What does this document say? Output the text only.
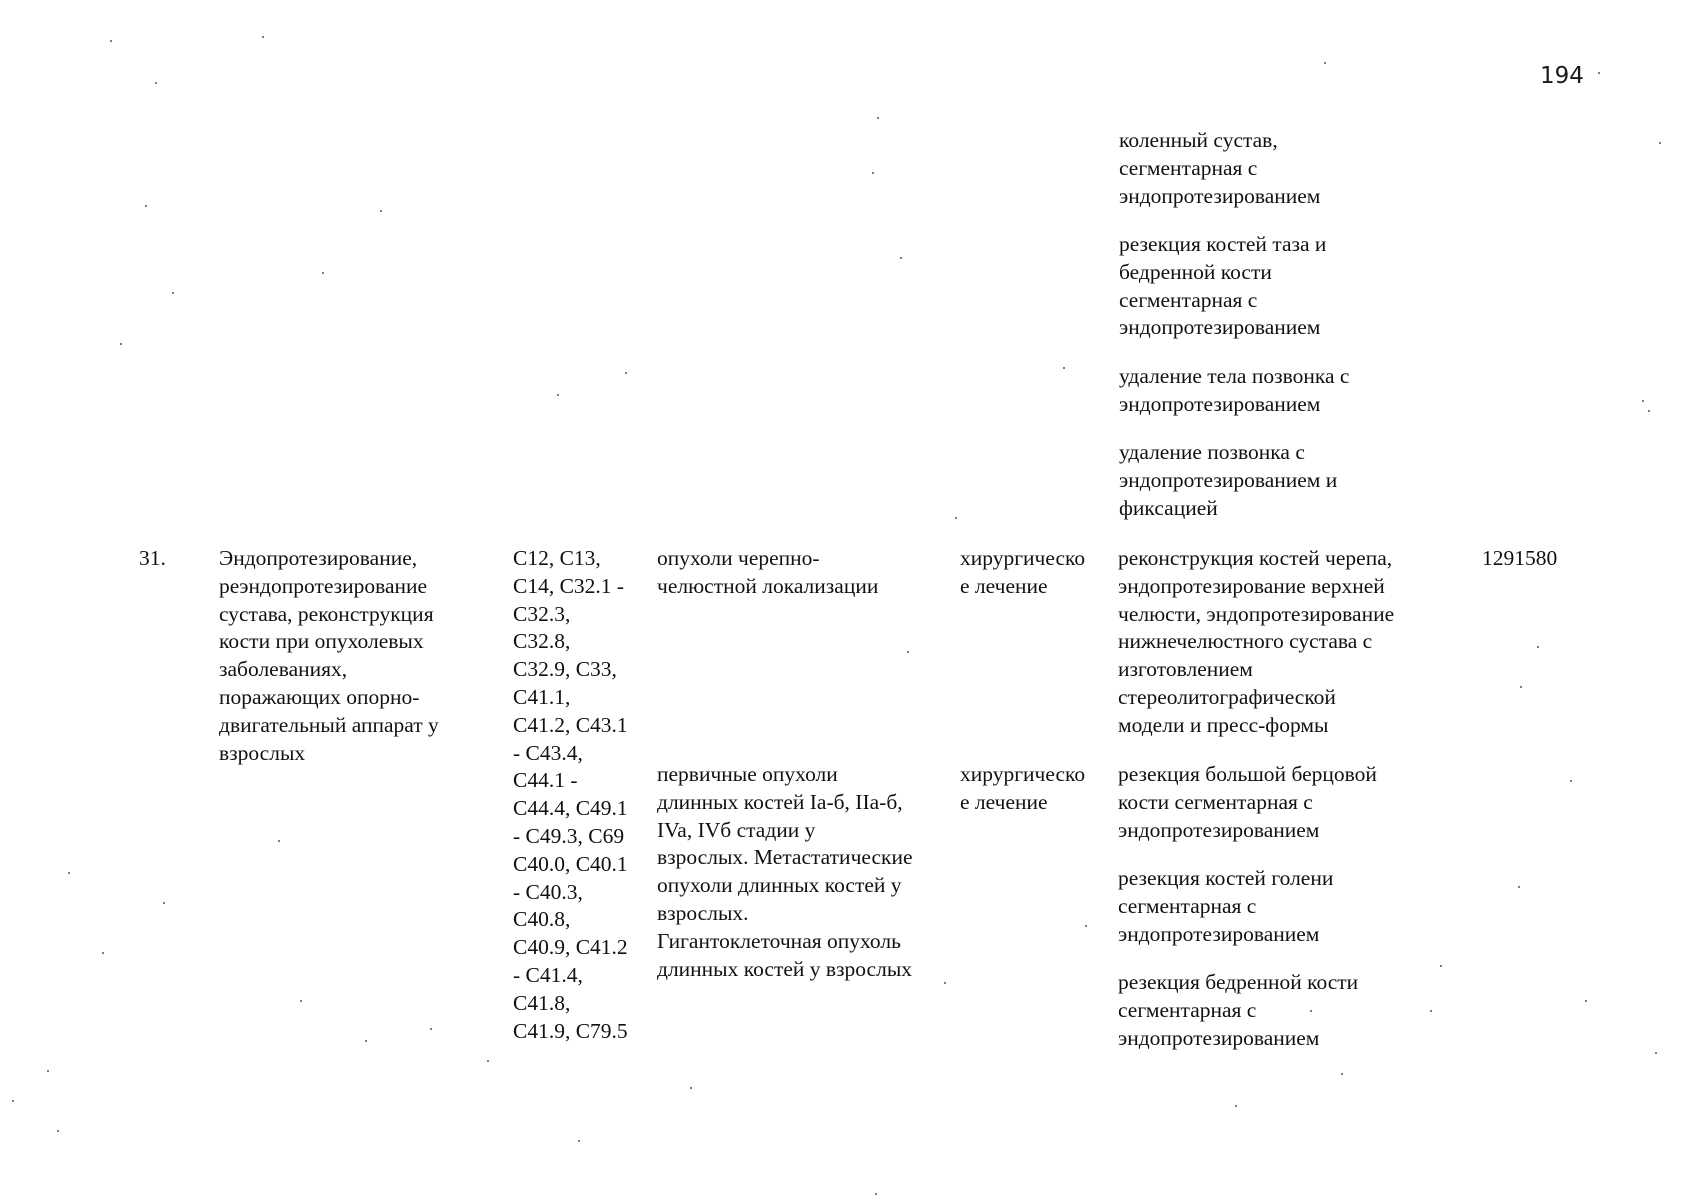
194
коленный сустав,
сегментарная с
эндопротезированием
резекция костей таза и
бедренной кости
сегментарная с
эндопротезированием
удаление тела позвонка с
эндопротезированием
удаление позвонка с
эндопротезированием и
фиксацией
31. Эндопротезирование,
реэндопротезирование
сустава, реконструкция
кости при опухолевых
заболеваниях,
поражающих опорно-
двигательный аппарат у
взрослых
C12, C13,
C14, C32.1 -
C32.3,
C32.8,
C32.9, C33,
C41.1,
C41.2, C43.1
- C43.4,
C44.1 -
C44.4, C49.1
- C49.3, C69
C40.0, C40.1
- C40.3,
C40.8,
C40.9, C41.2
- C41.4,
C41.8,
C41.9, C79.5
опухоли черепно-
челюстной локализации
хирургическо
е лечение
реконструкция костей черепа,
эндопротезирование верхней
челюсти, эндопротезирование
нижнечелюстного сустава с
изготовлением
стереолитографической
модели и пресс-формы
1291580
первичные опухоли
длинных костей Ia-б, IIa-б,
IVa, IVб стадии у
взрослых. Метастатические
опухоли длинных костей у
взрослых.
Гигантоклеточная опухоль
длинных костей у взрослых
хирургическо
е лечение
резекция большой берцовой
кости сегментарная с
эндопротезированием
резекция костей голени
сегментарная с
эндопротезированием
резекция бедренной кости
сегментарная с
эндопротезированием
